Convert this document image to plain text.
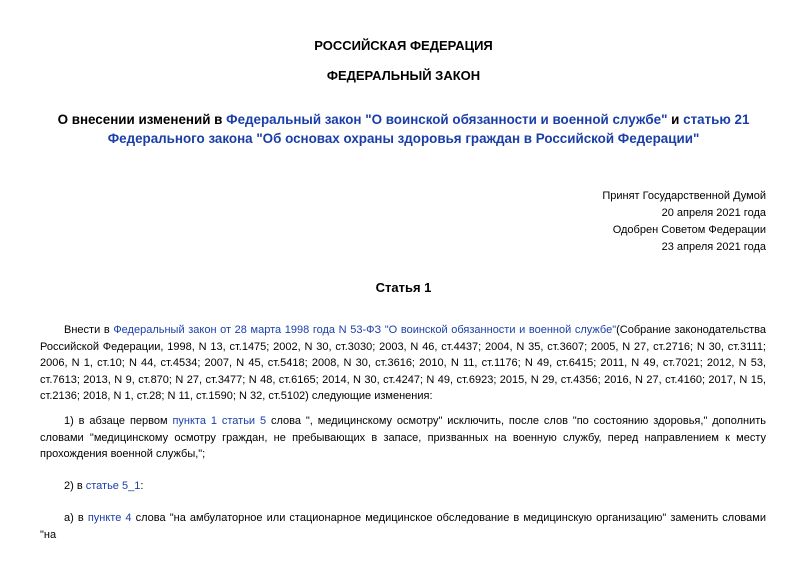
РОССИЙСКАЯ ФЕДЕРАЦИЯ
ФЕДЕРАЛЬНЫЙ ЗАКОН
О внесении изменений в Федеральный закон "О воинской обязанности и военной службе" и статью 21 Федерального закона "Об основах охраны здоровья граждан в Российской Федерации"
Принят Государственной Думой
20 апреля 2021 года
Одобрен Советом Федерации
23 апреля 2021 года
Статья 1
Внести в Федеральный закон от 28 марта 1998 года N 53-ФЗ "О воинской обязанности и военной службе"(Собрание законодательства Российской Федерации, 1998, N 13, ст.1475; 2002, N 30, ст.3030; 2003, N 46, ст.4437; 2004, N 35, ст.3607; 2005, N 27, ст.2716; N 30, ст.3111; 2006, N 1, ст.10; N 44, ст.4534; 2007, N 45, ст.5418; 2008, N 30, ст.3616; 2010, N 11, ст.1176; N 49, ст.6415; 2011, N 49, ст.7021; 2012, N 53, ст.7613; 2013, N 9, ст.870; N 27, ст.3477; N 48, ст.6165; 2014, N 30, ст.4247; N 49, ст.6923; 2015, N 29, ст.4356; 2016, N 27, ст.4160; 2017, N 15, ст.2136; 2018, N 1, ст.28; N 11, ст.1590; N 32, ст.5102) следующие изменения:
1) в абзаце первом пункта 1 статьи 5 слова ", медицинскому осмотру" исключить, после слов "по состоянию здоровья," дополнить словами "медицинскому осмотру граждан, не пребывающих в запасе, призванных на военную службу, перед направлением к месту прохождения военной службы,";
2) в статье 5_1:
а) в пункте 4 слова "на амбулаторное или стационарное медицинское обследование в медицинскую организацию" заменить словами "на
